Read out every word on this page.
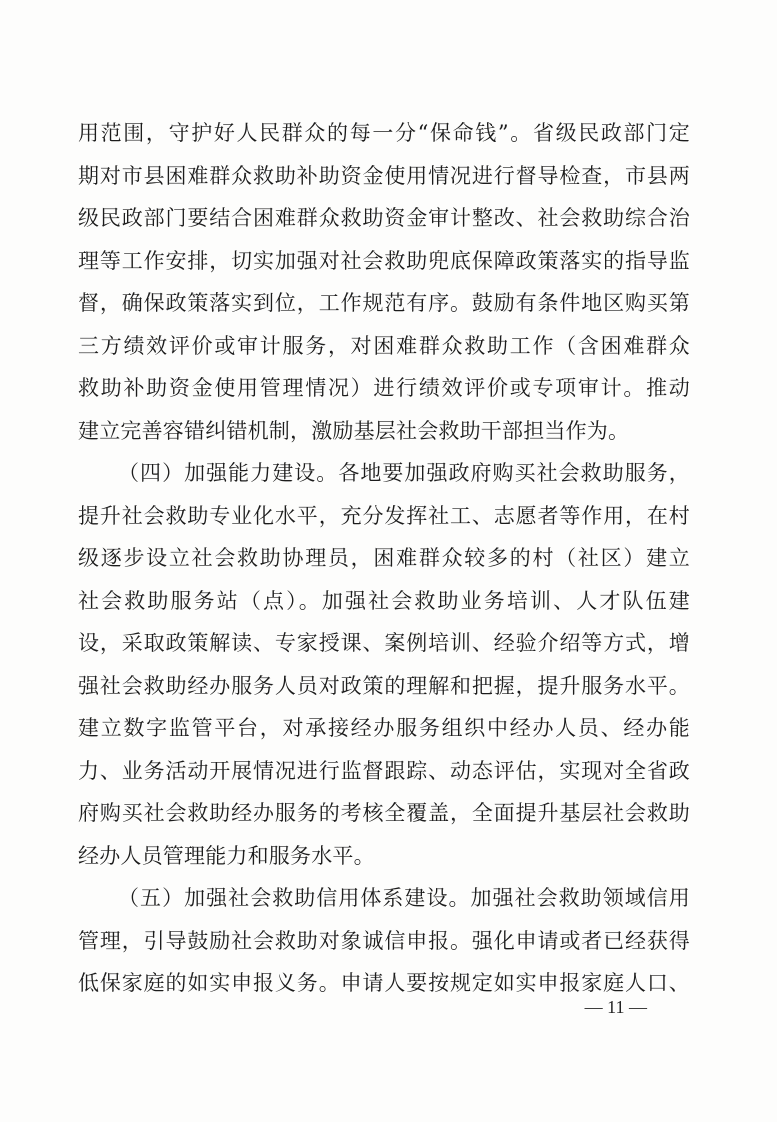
用范围，守护好人民群众的每一分“保命钱”。省级民政部门定
期对市县困难群众救助补助资金使用情况进行督导检查，市县两
级民政部门要结合困难群众救助资金审计整改、社会救助综合治
理等工作安排，切实加强对社会救助兜底保障政策落实的指导监
督，确保政策落实到位，工作规范有序。鼓励有条件地区购买第
三方绩效评价或审计服务，对困难群众救助工作（含困难群众
救助补助资金使用管理情况）进行绩效评价或专项审计。推动
建立完善容错纠错机制，激励基层社会救助干部担当作为。
（四）加强能力建设。各地要加强政府购买社会救助服务，
提升社会救助专业化水平，充分发挥社工、志愿者等作用，在村
级逐步设立社会救助协理员，困难群众较多的村（社区）建立
社会救助服务站（点）。加强社会救助业务培训、人才队伍建
设，采取政策解读、专家授课、案例培训、经验介绍等方式，增
强社会救助经办服务人员对政策的理解和把握，提升服务水平。
建立数字监管平台，对承接经办服务组织中经办人员、经办能
力、业务活动开展情况进行监督跟踪、动态评估，实现对全省政
府购买社会救助经办服务的考核全覆盖，全面提升基层社会救助
经办人员管理能力和服务水平。
（五）加强社会救助信用体系建设。加强社会救助领域信用
管理，引导鼓励社会救助对象诚信申报。强化申请或者已经获得
低保家庭的如实申报义务。申请人要按规定如实申报家庭人口、
— 11 —
